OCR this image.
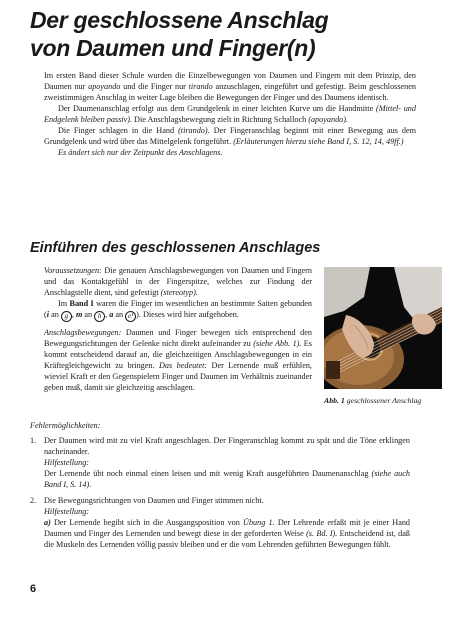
Der geschlossene Anschlag
von Daumen und Finger(n)

Im ersten Band dieser Schule wurden die Einzelbewegungen von Daumen und Fingern mit dem Prinzip, den Daumen nur apoyando und die Finger nur tirando anzuschlagen, eingeführt und gefestigt. Beim geschlossenen zweistimmigen Anschlag in weiter Lage bleiben die Bewegungen der Finger und des Daumens identisch.

Der Daumenanschlag erfolgt aus dem Grundgelenk in einer leichten Kurve um die Handmitte (Mittel- und Endgelenk bleiben passiv). Die Anschlagsbewegung zielt in Richtung Schalloch (apoyando).

Die Finger schlagen in die Hand (tirando). Der Fingeranschlag beginnt mit einer Bewegung aus dem Grundgelenk und wird über das Mittelgelenk fortgeführt. (Erläuterungen hierzu siehe Band I, S. 12, 14, 49ff.)

Es ändert sich nur der Zeitpunkt des Anschlagens.

Einführen des geschlossenen Anschlages

Voraussetzungen: Die genauen Anschlagsbewegungen von Daumen und Fingern und das Kontaktgefühl in der Fingerspitze, welches zur Findung der Anschlagstelle dient, sind gefestigt (stereotyp).

Im Band I waren die Finger im wesentlichen an bestimmte Saiten gebunden (i an g , m an h , a an e¹ ). Dieses wird hier aufgehoben.

Anschlagsbewegungen: Daumen und Finger bewegen sich entsprechend den Bewegungsrichtungen der Gelenke nicht direkt aufeinander zu (siehe Abb. 1). Es kommt entscheidend darauf an, die gleichzeitigen Anschlagsbewegungen in ein Kräftegleichgewicht zu bringen. Das bedeutet: Der Lernende muß erfühlen, wieviel Kraft er den Gegenspielern Finger und Daumen im Verhältnis zueinander geben muß, damit sie gleichzeitig anschlagen.

Abb. 1 geschlossener Anschlag

Fehlermöglichkeiten:

1. Der Daumen wird mit zu viel Kraft angeschlagen. Der Fingeranschlag kommt zu spät und die Töne erklingen nacheinander.

Hilfestellung:

Der Lernende übt noch einmal einen leisen und mit wenig Kraft ausgeführten Daumenanschlag (siehe auch Band I, S. 14).

2. Die Bewegungsrichtungen von Daumen und Finger stimmen nicht.

Hilfestellung:

a) Der Lernende begibt sich in die Ausgangsposition von Übung 1. Der Lehrende erfaßt mit je einer Hand Daumen und Finger des Lernenden und bewegt diese in der geforderten Weise (s. Bd. I). Entscheidend ist, daß die Muskeln des Lernenden völlig passiv bleiben und er die vom Lehrenden geführten Bewegungen fühlt.

6
